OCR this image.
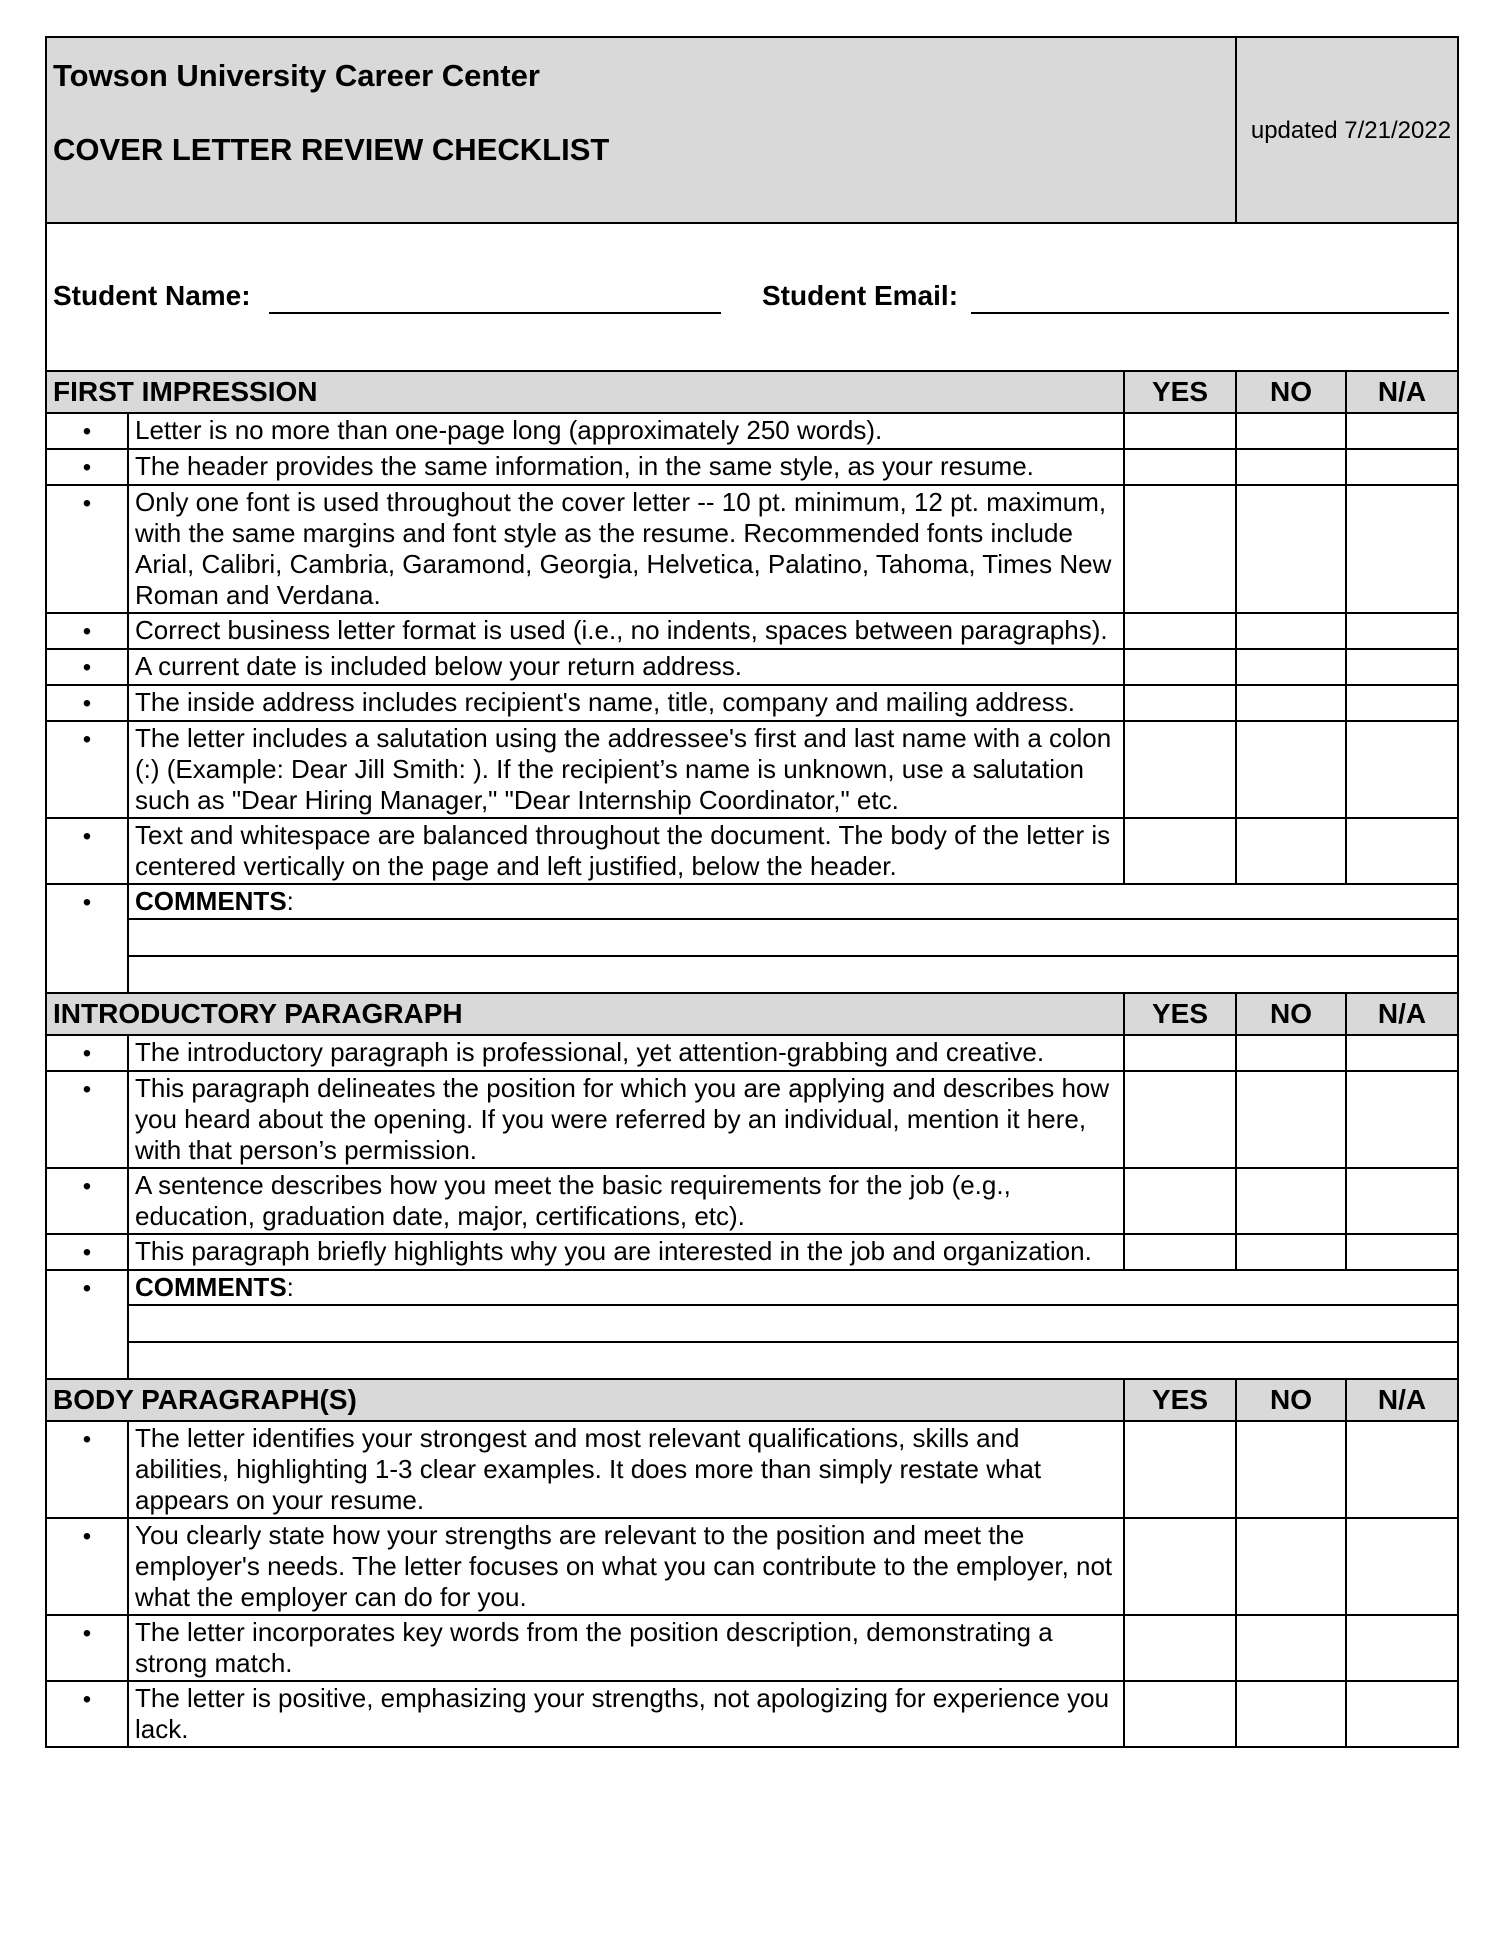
Towson University Career Center
COVER LETTER REVIEW CHECKLIST			updated 7/21/2022	

Student Name: Student Email:				

FIRST IMPRESSION		YES	NO	N/A
•	Letter is no more than one-page long (approximately 250 words).			
•	The header provides the same information, in the same style, as your resume.			
•	Only one font is used throughout the cover letter -- 10 pt. minimum, 12 pt. maximum, with the same margins and font style as the resume. Recommended fonts include Arial, Calibri, Cambria, Garamond, Georgia, Helvetica, Palatino, Tahoma, Times New Roman and Verdana.			
•	Correct business letter format is used (i.e., no indents, spaces between paragraphs).			
•	A current date is included below your return address.			
•	The inside address includes recipient's name, title, company and mailing address.			
•	The letter includes a salutation using the addressee's first and last name with a colon (:) (Example: Dear Jill Smith: ). If the recipient’s name is unknown, use a salutation such as "Dear Hiring Manager," "Dear Internship Coordinator," etc.			
•	Text and whitespace are balanced throughout the document. The body of the letter is centered vertically on the page and left justified, below the header.			
•	COMMENTS:			

INTRODUCTORY PARAGRAPH		YES	NO	N/A
•	The introductory paragraph is professional, yet attention-grabbing and creative.			
•	This paragraph delineates the position for which you are applying and describes how you heard about the opening. If you were referred by an individual, mention it here, with that person’s permission.			
•	A sentence describes how you meet the basic requirements for the job (e.g., education, graduation date, major, certifications, etc).			
•	This paragraph briefly highlights why you are interested in the job and organization.			
•	COMMENTS:			

BODY PARAGRAPH(S)		YES	NO	N/A
•	The letter identifies your strongest and most relevant qualifications, skills and abilities, highlighting 1-3 clear examples. It does more than simply restate what appears on your resume.			
•	You clearly state how your strengths are relevant to the position and meet the employer's needs. The letter focuses on what you can contribute to the employer, not what the employer can do for you.			
•	The letter incorporates key words from the position description, demonstrating a strong match.			
•	The letter is positive, emphasizing your strengths, not apologizing for experience you lack.			
